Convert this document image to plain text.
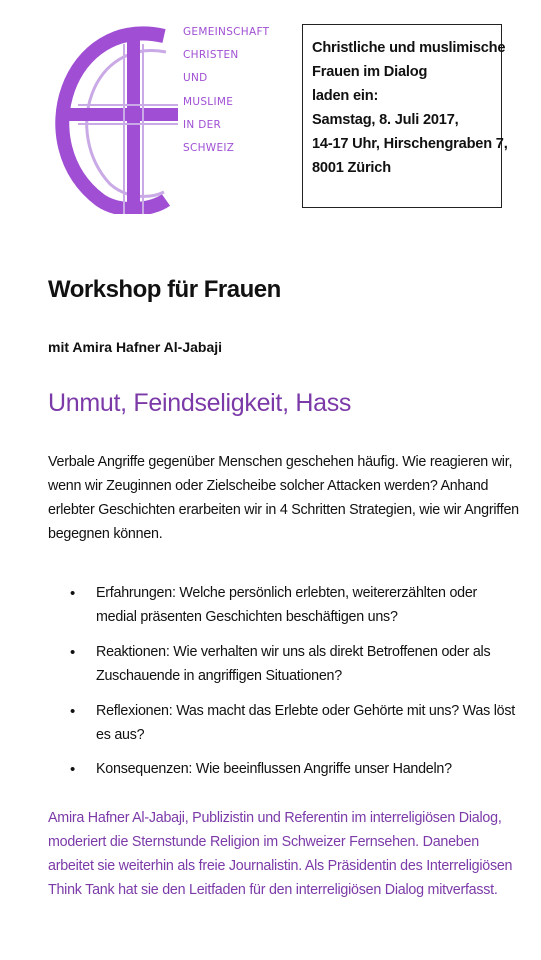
GEMEINSCHAFT
CHRISTEN
UND
MUSLIME
IN DER
SCHWEIZ
Christliche und muslimische
Frauen im Dialog
laden ein:
Samstag, 8. Juli 2017,
14-17 Uhr, Hirschengraben 7,
8001 Zürich
Workshop für Frauen

mit Amira Hafner Al-Jabaji

Unmut, Feindseligkeit, Hass
Verbale Angriffe gegenüber Menschen geschehen häufig. Wie reagieren wir,
wenn wir Zeuginnen oder Zielscheibe solcher Attacken werden? Anhand
erlebter Geschichten erarbeiten wir in 4 Schritten Strategien, wie wir Angriffen
begegnen können.
• Erfahrungen: Welche persönlich erlebten, weitererzählten oder
medial präsenten Geschichten beschäftigen uns?
• Reaktionen: Wie verhalten wir uns als direkt Betroffenen oder als
Zuschauende in angriffigen Situationen?
• Reflexionen: Was macht das Erlebte oder Gehörte mit uns? Was löst
es aus?
• Konsequenzen: Wie beeinflussen Angriffe unser Handeln?
Amira Hafner Al-Jabaji, Publizistin und Referentin im interreligiösen Dialog,
moderiert die Sternstunde Religion im Schweizer Fernsehen. Daneben
arbeitet sie weiterhin als freie Journalistin. Als Präsidentin des Interreligiösen
Think Tank hat sie den Leitfaden für den interreligiösen Dialog mitverfasst.
